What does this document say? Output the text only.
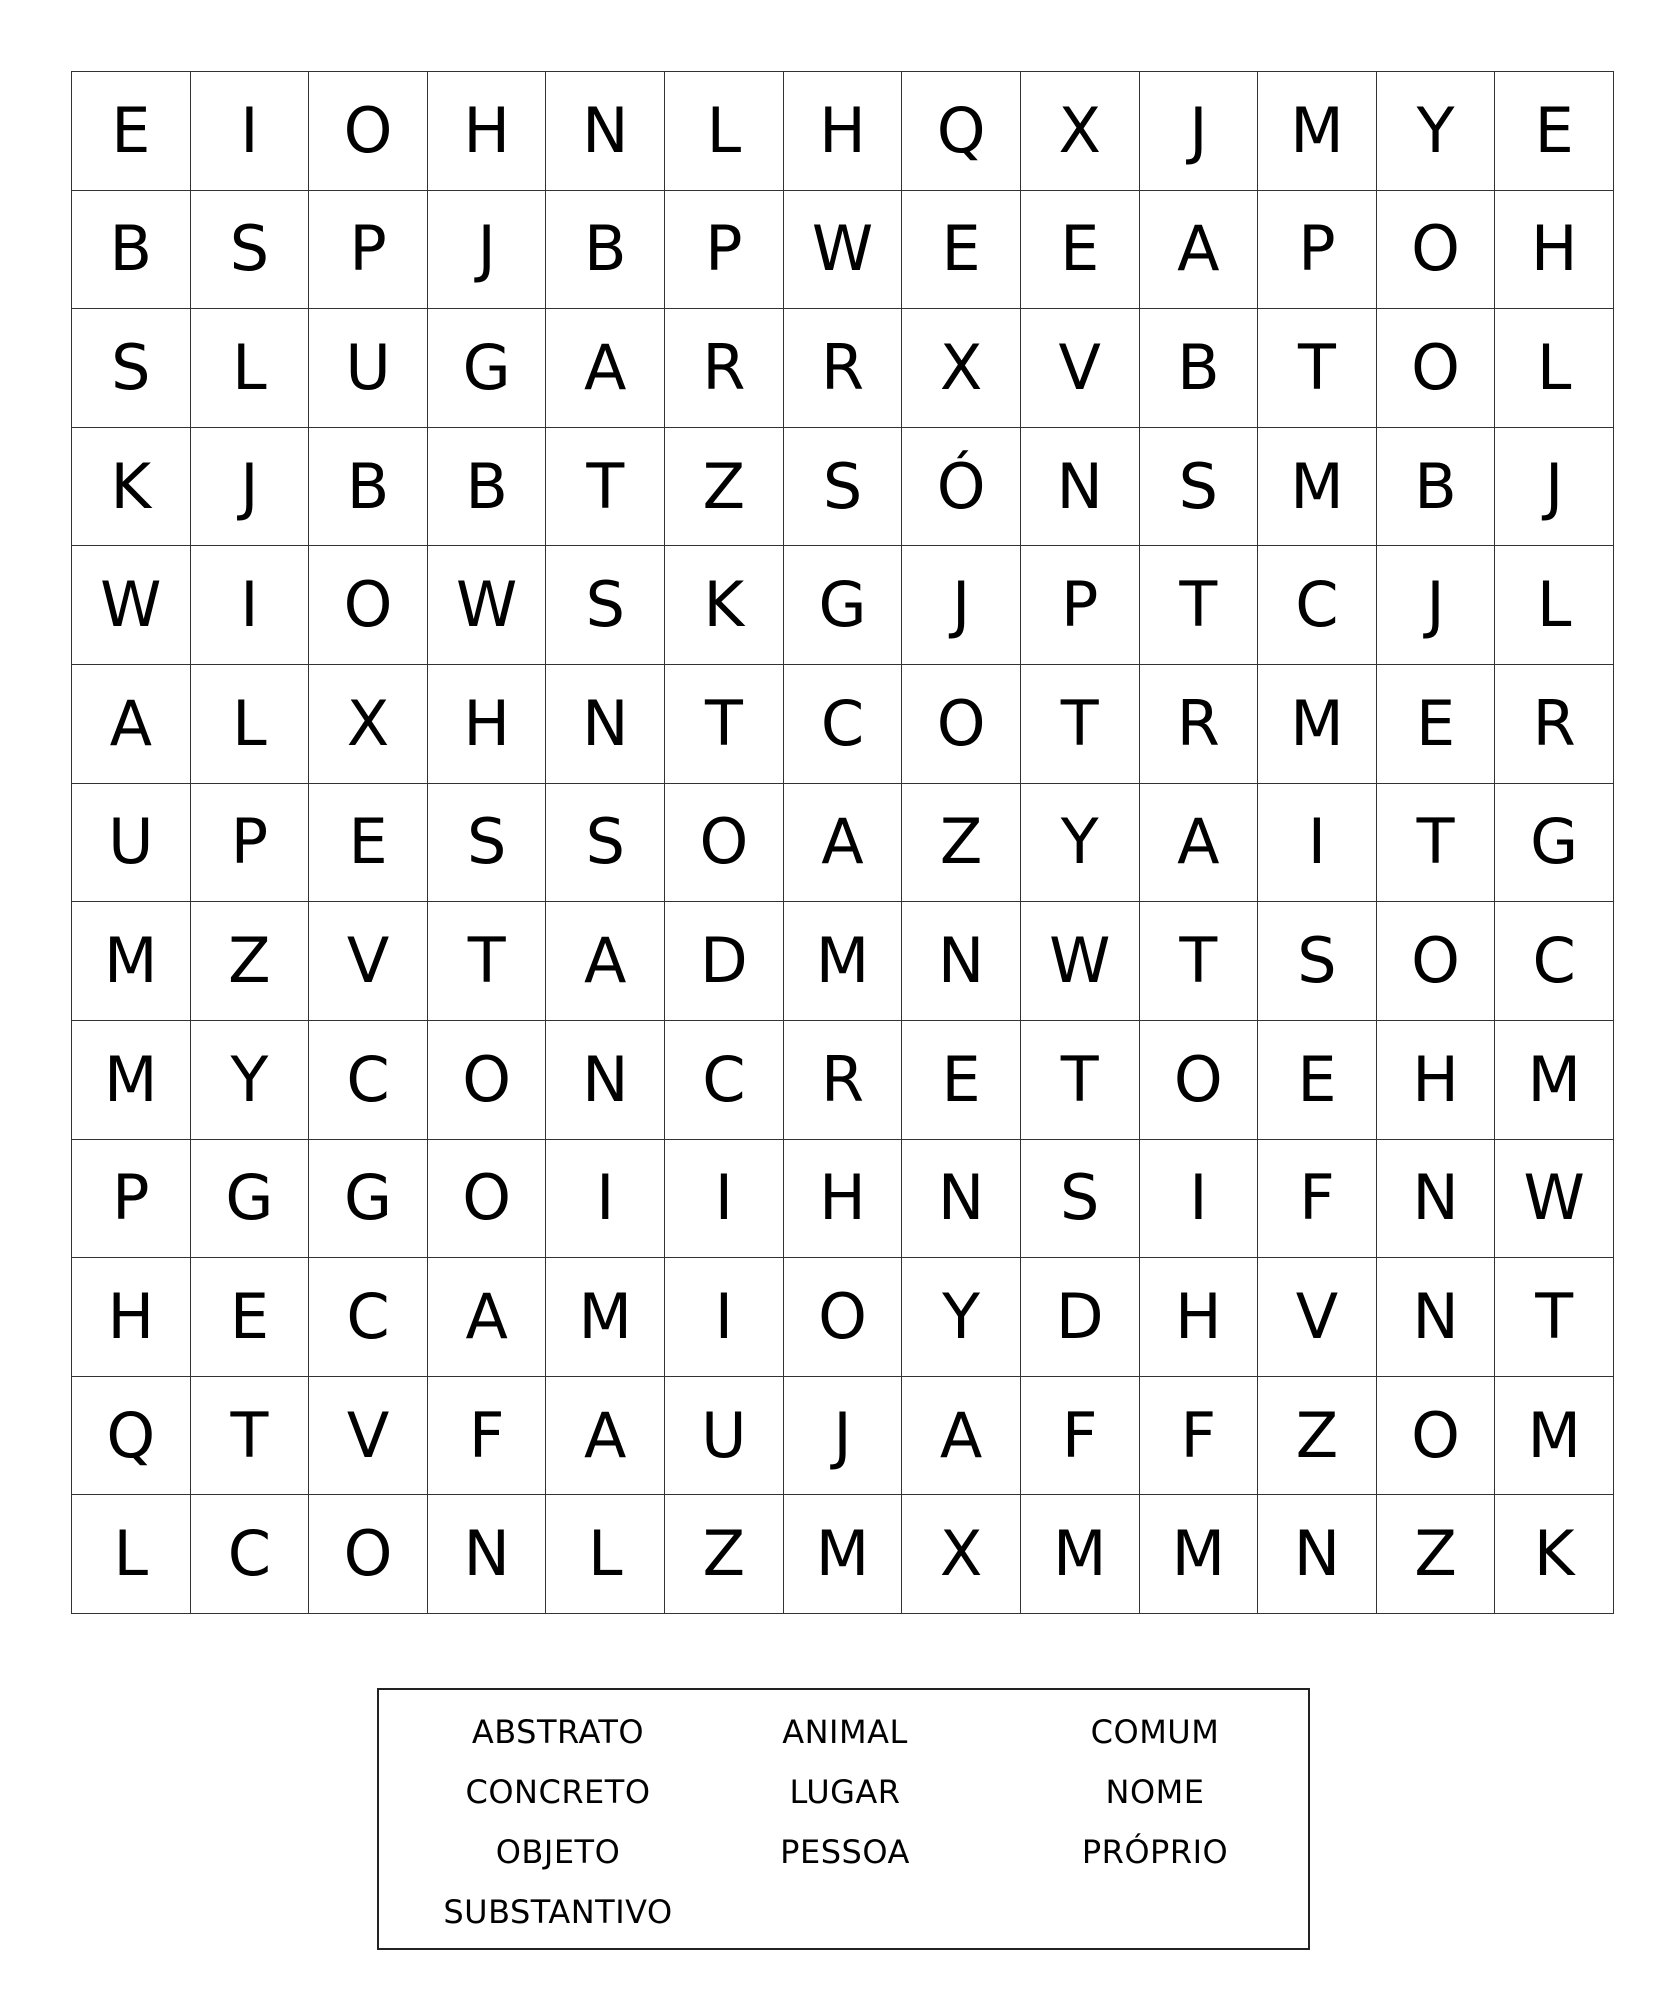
E	I	O	H	N	L	H	Q	X	J	M	Y	E
B	S	P	J	B	P	W	E	E	A	P	O	H
S	L	U	G	A	R	R	X	V	B	T	O	L
K	J	B	B	T	Z	S	Ó	N	S	M	B	J
W	I	O	W	S	K	G	J	P	T	C	J	L
A	L	X	H	N	T	C	O	T	R	M	E	R
U	P	E	S	S	O	A	Z	Y	A	I	T	G
M	Z	V	T	A	D	M	N	W	T	S	O	C
M	Y	C	O	N	C	R	E	T	O	E	H	M
P	G	G	O	I	I	H	N	S	I	F	N	W
H	E	C	A	M	I	O	Y	D	H	V	N	T
Q	T	V	F	A	U	J	A	F	F	Z	O	M
L	C	O	N	L	Z	M	X	M	M	N	Z	K
ABSTRATO	ANIMAL	COMUM
CONCRETO	LUGAR	NOME
OBJETO	PESSOA	PRÓPRIO
SUBSTANTIVO
